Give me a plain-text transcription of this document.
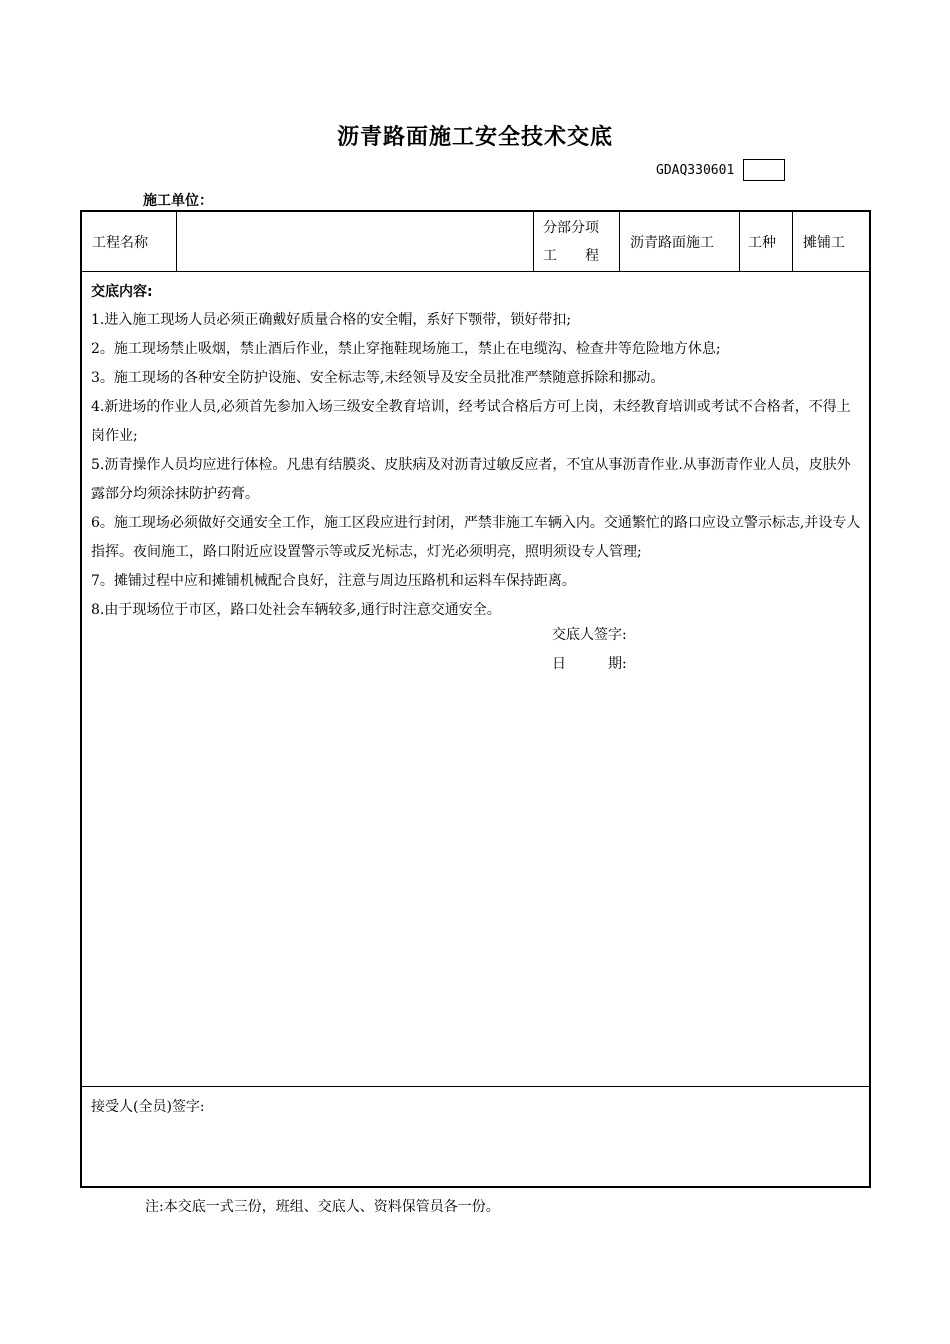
沥青路面施工安全技术交底
GDAQ330601
施工单位：
工程名称
分部分项
工　　程
沥青路面施工	工种	摊铺工
交底内容:
1.进入施工现场人员必须正确戴好质量合格的安全帽，系好下颚带，锁好带扣;
2。施工现场禁止吸烟，禁止酒后作业，禁止穿拖鞋现场施工，禁止在电缆沟、检查井等危险地方休息;
3。施工现场的各种安全防护设施、安全标志等,未经领导及安全员批准严禁随意拆除和挪动。
4.新进场的作业人员,必须首先参加入场三级安全教育培训，经考试合格后方可上岗，未经教育培训或考试不合格者，不得上岗作业;
5.沥青操作人员均应进行体检。凡患有结膜炎、皮肤病及对沥青过敏反应者，不宜从事沥青作业.从事沥青作业人员，皮肤外露部分均须涂抹防护药膏。
6。施工现场必须做好交通安全工作，施工区段应进行封闭，严禁非施工车辆入内。交通繁忙的路口应设立警示标志,并设专人指挥。夜间施工，路口附近应设置警示等或反光标志，灯光必须明亮，照明须设专人管理;
7。摊铺过程中应和摊铺机械配合良好，注意与周边压路机和运料车保持距离。
8.由于现场位于市区，路口处社会车辆较多,通行时注意交通安全。
交底人签字:
日　　　期:
接受人(全员)签字:
注:本交底一式三份，班组、交底人、资料保管员各一份。
